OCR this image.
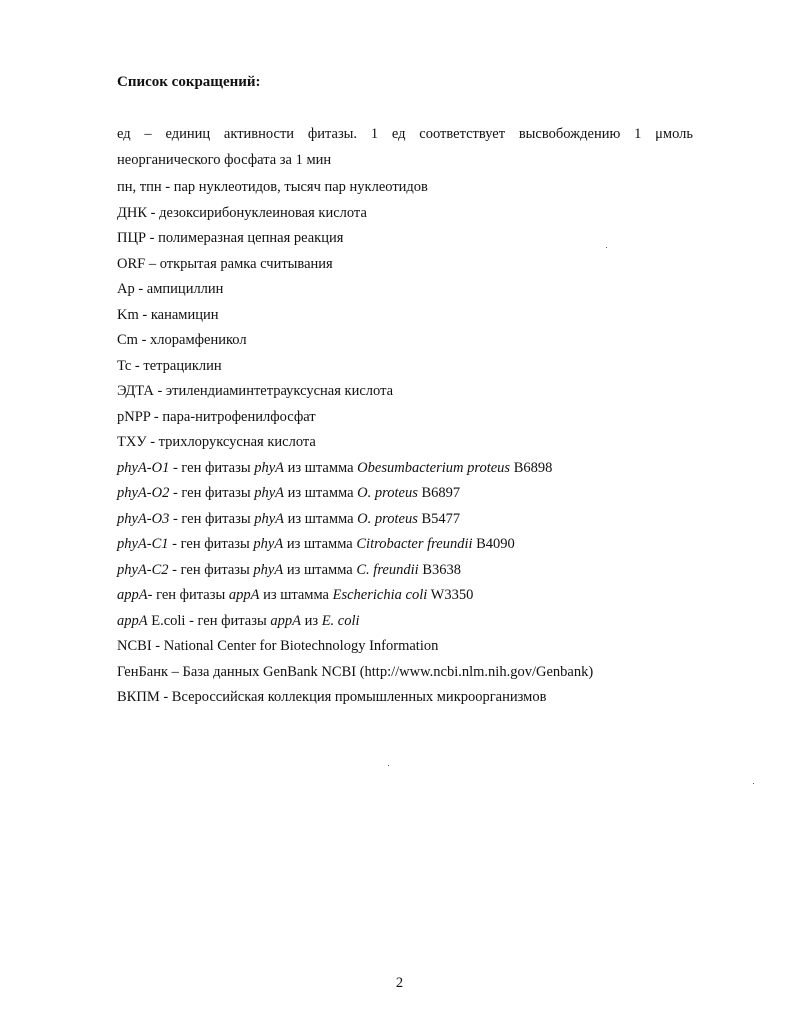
Список сокращений:
ед – единиц активности фитазы. 1 ед соответствует высвобождению 1 μмоль
неорганического фосфата за 1 мин
пн, тпн - пар нуклеотидов, тысяч пар нуклеотидов
ДНК - дезоксирибонуклеиновая кислота
ПЦР - полимеразная цепная реакция
ORF – открытая рамка считывания
Ap - ампициллин
Km - канамицин
Cm - хлорамфеникол
Tc - тетрациклин
ЭДТА - этилендиаминтетрауксусная кислота
pNPP - пара-нитрофенилфосфат
ТХУ - трихлоруксусная кислота
phyA-O1 - ген фитазы phyA из штамма Obesumbacterium proteus B6898
phyA-O2 - ген фитазы phyA из штамма O. proteus B6897
phyA-O3 - ген фитазы phyA из штамма O. proteus B5477
phyA-C1 - ген фитазы phyA из штамма Citrobacter freundii B4090
phyA-C2 - ген фитазы phyA из штамма C. freundii B3638
appA- ген фитазы appA из штамма Escherichia coli W3350
appA E.coli - ген фитазы appA из E. coli
NCBI - National Center for Biotechnology Information
ГенБанк – База данных GenBank NCBI (http://www.ncbi.nlm.nih.gov/Genbank)
ВКПМ - Всероссийская коллекция промышленных микроорганизмов
2
